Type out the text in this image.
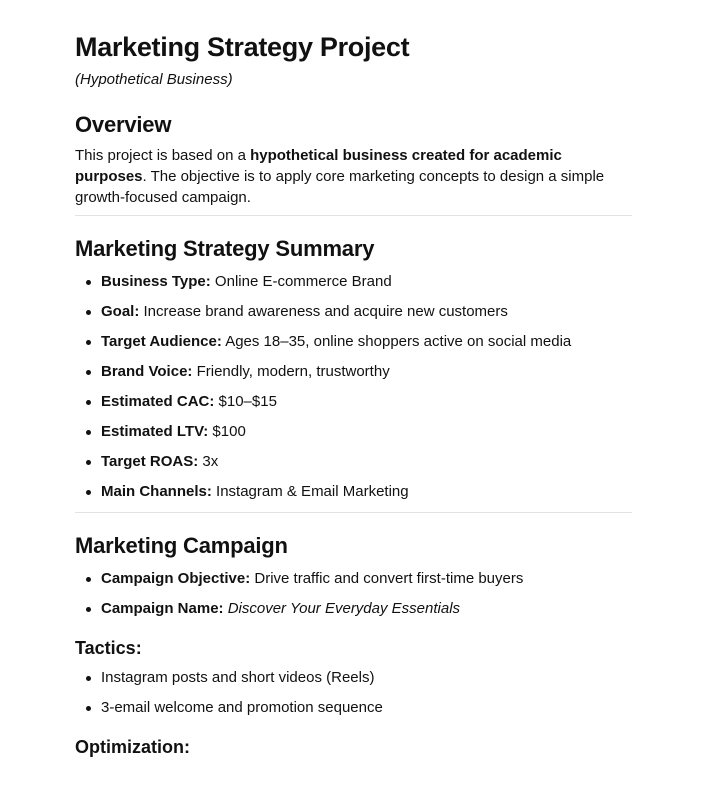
Marketing Strategy Project
(Hypothetical Business)
Overview

This project is based on a hypothetical business created for academic purposes. The objective is to apply core marketing concepts to design a simple growth-focused campaign.

Marketing Strategy Summary
Business Type: Online E-commerce Brand
Goal: Increase brand awareness and acquire new customers
Target Audience: Ages 18–35, online shoppers active on social media
Brand Voice: Friendly, modern, trustworthy
Estimated CAC: $10–$15
Estimated LTV: $100
Target ROAS: 3x
Main Channels: Instagram & Email Marketing
Marketing Campaign
Campaign Objective: Drive traffic and convert first-time buyers
Campaign Name: Discover Your Everyday Essentials
Tactics:
Instagram posts and short videos (Reels)
3-email welcome and promotion sequence
Optimization:
